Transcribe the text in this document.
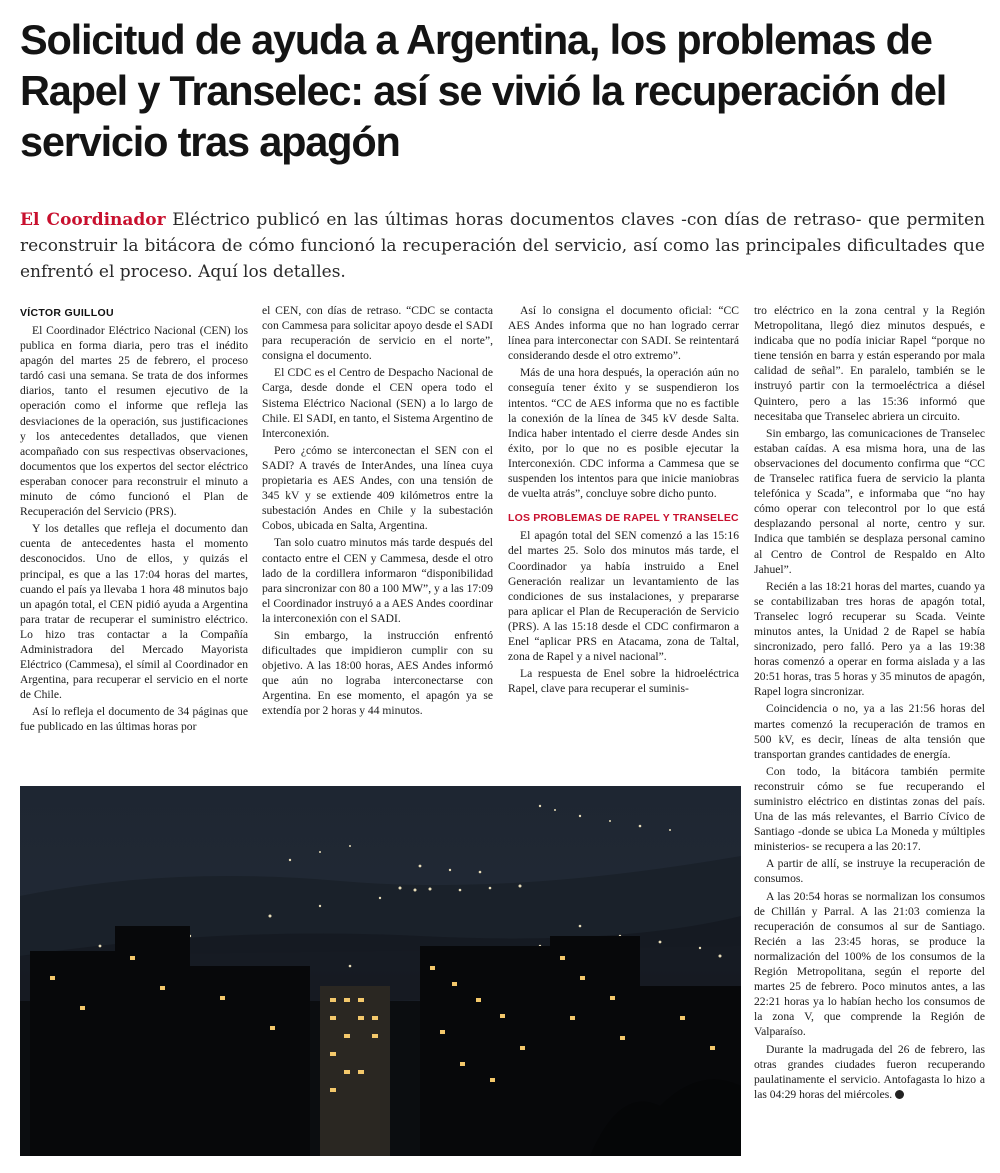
Solicitud de ayuda a Argentina, los problemas de Rapel y Transelec: así se vivió la recuperación del servicio tras apagón

El Coordinador Eléctrico publicó en las últimas horas documentos claves -con días de retraso- que permiten reconstruir la bitácora de cómo funcionó la recuperación del servicio, así como las principales dificultades que enfrentó el proceso. Aquí los detalles.

VÍCTOR GUILLOU

El Coordinador Eléctrico Nacional (CEN) los publica en forma diaria, pero tras el inédito apagón del martes 25 de febrero, el proceso tardó casi una semana. Se trata de dos informes diarios, tanto el resumen ejecutivo de la operación como el informe que refleja las desviaciones de la operación, sus justificaciones y los antecedentes detallados, que vienen acompañado con sus respectivas observaciones, documentos que los expertos del sector eléctrico esperaban conocer para reconstruir el minuto a minuto de cómo funcionó el Plan de Recuperación del Servicio (PRS).

Y los detalles que refleja el documento dan cuenta de antecedentes hasta el momento desconocidos. Uno de ellos, y quizás el principal, es que a las 17:04 horas del martes, cuando el país ya llevaba 1 hora 48 minutos bajo un apagón total, el CEN pidió ayuda a Argentina para tratar de recuperar el suministro eléctrico. Lo hizo tras contactar a la Compañía Administradora del Mercado Mayorista Eléctrico (Cammesa), el símil al Coordinador en Argentina, para recuperar el servicio en el norte de Chile.

Así lo refleja el documento de 34 páginas que fue publicado en las últimas horas por

el CEN, con días de retraso. “CDC se contacta con Cammesa para solicitar apoyo desde el SADI para recuperación de servicio en el norte”, consigna el documento.

El CDC es el Centro de Despacho Nacional de Carga, desde donde el CEN opera todo el Sistema Eléctrico Nacional (SEN) a lo largo de Chile. El SADI, en tanto, el Sistema Argentino de Interconexión.

Pero ¿cómo se interconectan el SEN con el SADI? A través de InterAndes, una línea cuya propietaria es AES Andes, con una tensión de 345 kV y se extiende 409 kilómetros entre la subestación Andes en Chile y la subestación Cobos, ubicada en Salta, Argentina.

Tan solo cuatro minutos más tarde después del contacto entre el CEN y Cammesa, desde el otro lado de la cordillera informaron “disponibilidad para sincronizar con 80 a 100 MW”, y a las 17:09 el Coordinador instruyó a a AES Andes coordinar la interconexión con el SADI.

Sin embargo, la instrucción enfrentó dificultades que impidieron cumplir con su objetivo. A las 18:00 horas, AES Andes informó que aún no lograba interconectarse con Argentina. En ese momento, el apagón ya se extendía por 2 horas y 44 minutos.

Así lo consigna el documento oficial: “CC AES Andes informa que no han logrado cerrar línea para interconectar con SADI. Se reintentará considerando desde el otro extremo”.

Más de una hora después, la operación aún no conseguía tener éxito y se suspendieron los intentos. “CC de AES informa que no es factible la conexión de la línea de 345 kV desde Salta. Indica haber intentado el cierre desde Andes sin éxito, por lo que no es posible ejecutar la Interconexión. CDC informa a Cammesa que se suspenden los intentos para que inicie maniobras de vuelta atrás”, concluye sobre dicho punto.

LOS PROBLEMAS DE RAPEL Y TRANSELEC

El apagón total del SEN comenzó a las 15:16 del martes 25. Solo dos minutos más tarde, el Coordinador ya había instruido a Enel Generación realizar un levantamiento de las condiciones de sus instalaciones, y prepararse para aplicar el Plan de Recuperación de Servicio (PRS). A las 15:18 desde el CDC confirmaron a Enel “aplicar PRS en Atacama, zona de Taltal, zona de Rapel y a nivel nacional”.

La respuesta de Enel sobre la hidroeléctrica Rapel, clave para recuperar el suminis-

tro eléctrico en la zona central y la Región Metropolitana, llegó diez minutos después, e indicaba que no podía iniciar Rapel “porque no tiene tensión en barra y están esperando por mala calidad de señal”. En paralelo, también se le instruyó partir con la termoeléctrica a diésel Quintero, pero a las 15:36 informó que necesitaba que Transelec abriera un circuito.

Sin embargo, las comunicaciones de Transelec estaban caídas. A esa misma hora, una de las observaciones del documento confirma que “CC de Transelec ratifica fuera de servicio la planta telefónica y Scada”, e informaba que “no hay cómo operar con telecontrol por lo que está desplazando personal al norte, centro y sur. Indica que también se desplaza personal camino al Centro de Control de Respaldo en Alto Jahuel”.

Recién a las 18:21 horas del martes, cuando ya se contabilizaban tres horas de apagón total, Transelec logró recuperar su Scada. Veinte minutos antes, la Unidad 2 de Rapel se había sincronizado, pero falló. Pero ya a las 19:38 horas comenzó a operar en forma aislada y a las 20:51 horas, tras 5 horas y 35 minutos de apagón, Rapel logra sincronizar.

Coincidencia o no, ya a las 21:56 horas del martes comenzó la recuperación de tramos en 500 kV, es decir, líneas de alta tensión que transportan grandes cantidades de energía.

Con todo, la bitácora también permite reconstruir cómo se fue recuperando el suministro eléctrico en distintas zonas del país. Una de las más relevantes, el Barrio Cívico de Santiago -donde se ubica La Moneda y múltiples ministerios- se recupera a las 20:17.

A partir de allí, se instruye la recuperación de consumos.

A las 20:54 horas se normalizan los consumos de Chillán y Parral. A las 21:03 comienza la recuperación de consumos al sur de Santiago. Recién a las 23:45 horas, se produce la normalización del 100% de los consumos de la Región Metropolitana, según el reporte del martes 25 de febrero. Poco minutos antes, a las 22:21 horas ya lo habían hecho los consumos de la zona V, que comprende la Región de Valparaíso.

Durante la madrugada del 26 de febrero, las otras grandes ciudades fueron recuperando paulatinamente el servicio. Antofagasta lo hizo a las 04:29 horas del miércoles.
